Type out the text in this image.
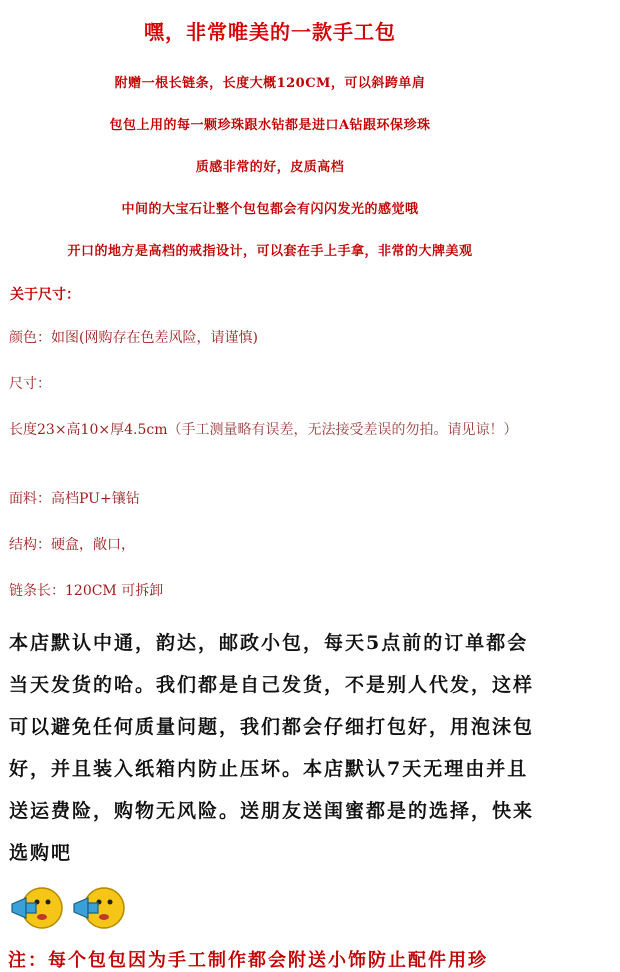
嘿，非常唯美的一款手工包
附赠一根长链条，长度大概120CM，可以斜跨单肩
包包上用的每一颗珍珠跟水钻都是进口A钻跟环保珍珠
质感非常的好，皮质高档
中间的大宝石让整个包包都会有闪闪发光的感觉哦
开口的地方是高档的戒指设计，可以套在手上手拿，非常的大牌美观
关于尺寸：
颜色：如图(网购存在色差风险，请谨慎)
尺寸：
长度23×高10×厚4.5cm（手工测量略有误差，无法接受差误的勿拍。请见谅！）
面料：高档PU+镶钻
结构：硬盒，敞口，
链条长：120CM 可拆卸
本店默认中通，韵达，邮政小包，每天5点前的订单都会当天发货的哈。我们都是自己发货，不是别人代发，这样可以避免任何质量问题，我们都会仔细打包好，用泡沫包好，并且装入纸箱内防止压坏。本店默认7天无理由并且送运费险，购物无风险。送朋友送闺蜜都是的选择，快来选购吧
注：每个包包因为手工制作都会附送小饰防止配件用珍
